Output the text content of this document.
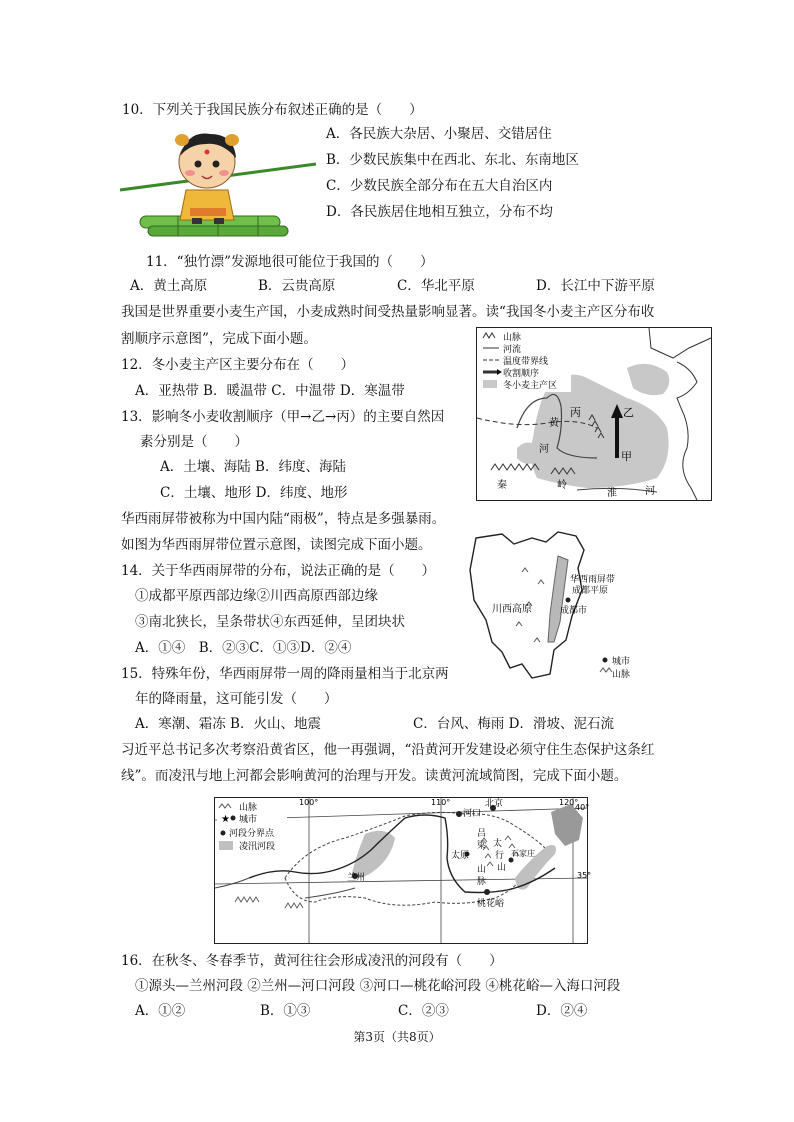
10．下列关于我国民族分布叙述正确的是（　　）
A．各民族大杂居、小聚居、交错居住
B．少数民族集中在西北、东北、东南地区
C．少数民族全部分布在五大自治区内
D．各民族居住地相互独立，分布不均
11．“独竹漂”发源地很可能位于我国的（　　）
A．黄土高原	B．云贵高原	C．华北平原	D．长江中下游平原
我国是世界重要小麦生产国，小麦成熟时间受热量影响显著。读“我国冬小麦主产区分布收
割顺序示意图”，完成下面小题。
12．冬小麦主产区主要分布在（　　）
A．亚热带 B．暖温带 C．中温带 D．寒温带
13．影响冬小麦收割顺序（甲→乙→丙）的主要自然因
素分别是（　　）
A．土壤、海陆 B．纬度、海陆
C．土壤、地形 D．纬度、地形
山脉
河流
温度带界线
收割顺序
冬小麦主产区
黄
河
丙	乙
甲
秦	岭
淮	河
华西雨屏带被称为中国内陆“雨极”，特点是多强暴雨。
如图为华西雨屏带位置示意图，读图完成下面小题。
14．关于华西雨屏带的分布，说法正确的是（　　）
①成都平原西部边缘②川西高原西部边缘
③南北狭长，呈条带状④东西延伸，呈团块状
A．①④　B．②③C．①③D．②④
15．特殊年份，华西雨屏带一周的降雨量相当于北京两
年的降雨量，这可能引发（　　）
A．寒潮、霜冻 B．火山、地震	C．台风、梅雨 D．滑坡、泥石流
华西雨屏带
成都平原
川西高原	成都市
城市
山脉
习近平总书记多次考察沿黄省区，他一再强调，“沿黄河开发建设必须守住生态保护这条红
线”。而凌汛与地上河都会影响黄河的治理与开发。读黄河流域简图，完成下面小题。
★
山脉
城市
河段分界点
凌汛河段
100°	110°	120°
40°
35°
河口
北京
兰州
桃花峪
太原
太
行
山
吕
梁
山
脉
石家庄
16．在秋冬、冬春季节，黄河往往会形成凌汛的河段有（　　）
①源头—兰州河段 ②兰州—河口河段 ③河口—桃花峪河段 ④桃花峪—入海口河段
A．①②	B．①③	C．②③	D．②④
第3页（共8页）
